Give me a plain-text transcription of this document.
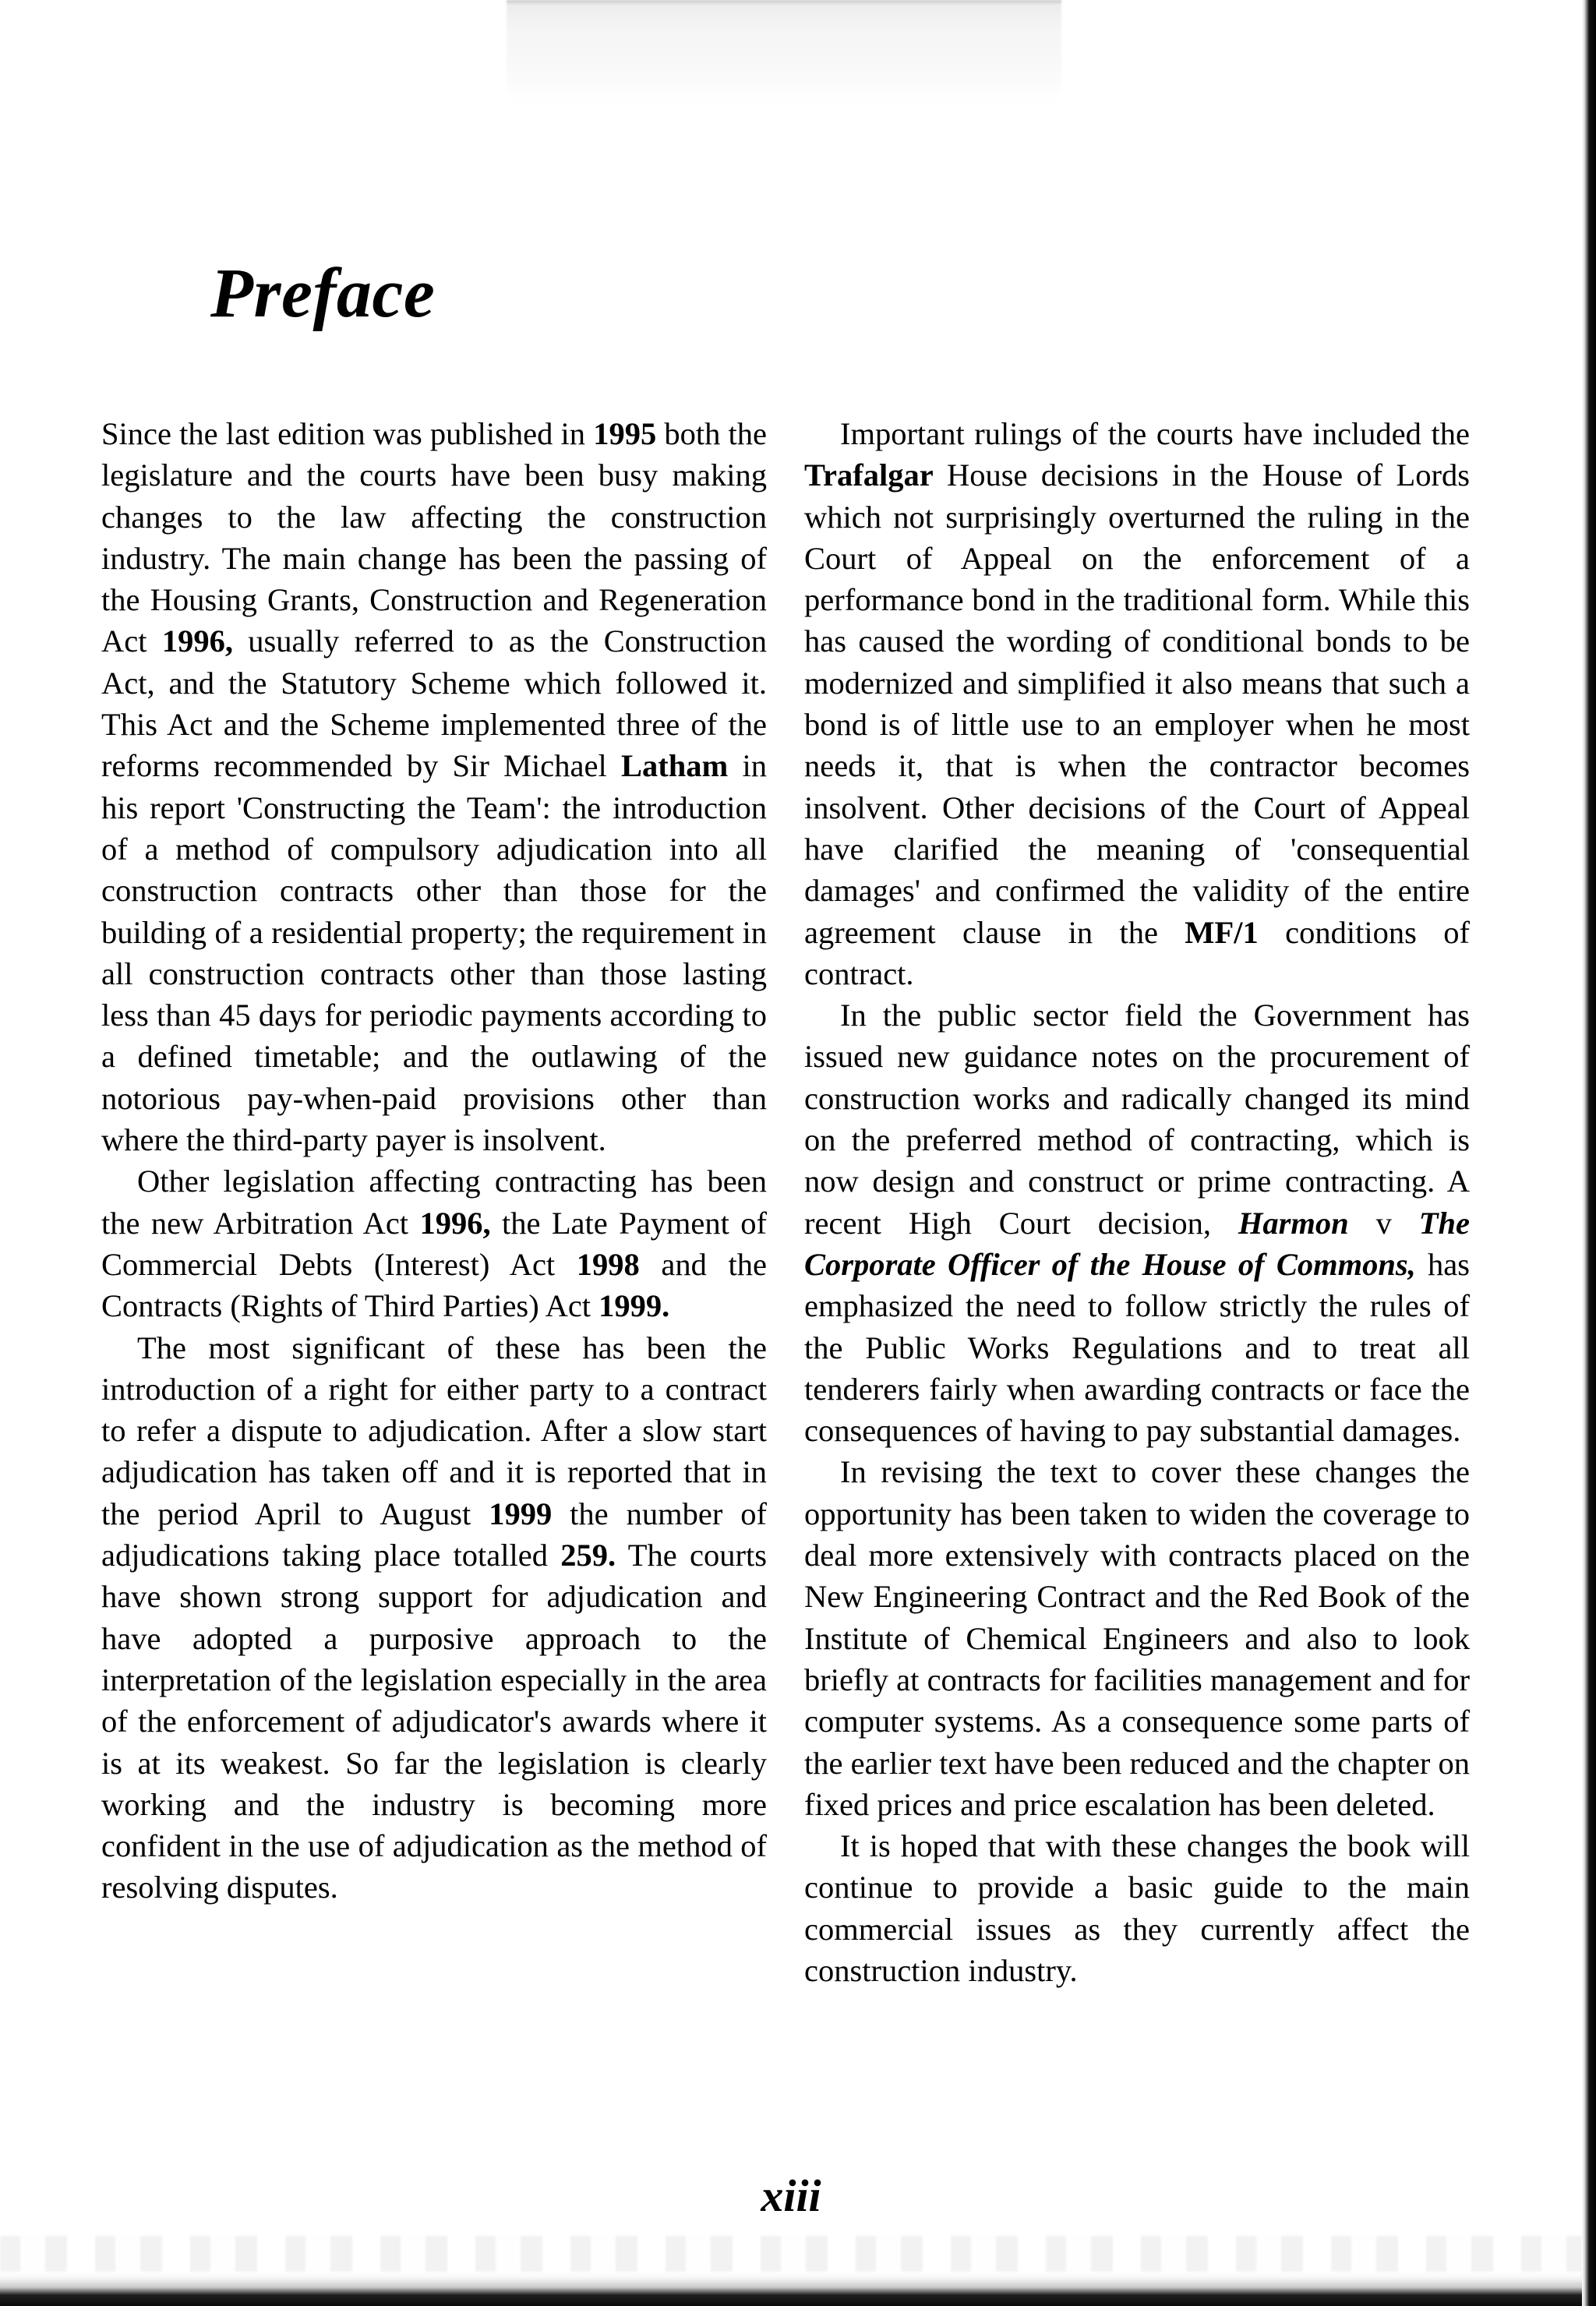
Preface

Since the last edition was published in 1995 both the legislature and the courts have been busy making changes to the law affecting the construction industry. The main change has been the passing of the Housing Grants, Construction and Regeneration Act 1996, usually referred to as the Construction Act, and the Statutory Scheme which followed it. This Act and the Scheme implemented three of the reforms recommended by Sir Michael Latham in his report 'Constructing the Team': the introduction of a method of compulsory adjudication into all construction contracts other than those for the building of a residential property; the requirement in all construction contracts other than those lasting less than 45 days for periodic payments according to a defined timetable; and the outlawing of the notorious pay-when-paid provisions other than where the third-party payer is insolvent.

Other legislation affecting contracting has been the new Arbitration Act 1996, the Late Payment of Commercial Debts (Interest) Act 1998 and the Contracts (Rights of Third Parties) Act 1999.

The most significant of these has been the introduction of a right for either party to a contract to refer a dispute to adjudication. After a slow start adjudication has taken off and it is reported that in the period April to August 1999 the number of adjudications taking place totalled 259. The courts have shown strong support for adjudication and have adopted a purposive approach to the interpretation of the legislation especially in the area of the enforcement of adjudicator's awards where it is at its weakest. So far the legislation is clearly working and the industry is becoming more confident in the use of adjudication as the method of resolving disputes.

Important rulings of the courts have included the Trafalgar House decisions in the House of Lords which not surprisingly overturned the ruling in the Court of Appeal on the enforcement of a performance bond in the traditional form. While this has caused the wording of conditional bonds to be modernized and simplified it also means that such a bond is of little use to an employer when he most needs it, that is when the contractor becomes insolvent. Other decisions of the Court of Appeal have clarified the meaning of 'consequential damages' and confirmed the validity of the entire agreement clause in the MF/1 conditions of contract.

In the public sector field the Government has issued new guidance notes on the procurement of construction works and radically changed its mind on the preferred method of contracting, which is now design and construct or prime contracting. A recent High Court decision, Harmon v The Corporate Officer of the House of Commons, has emphasized the need to follow strictly the rules of the Public Works Regulations and to treat all tenderers fairly when awarding contracts or face the consequences of having to pay substantial damages.

In revising the text to cover these changes the opportunity has been taken to widen the coverage to deal more extensively with contracts placed on the New Engineering Contract and the Red Book of the Institute of Chemical Engineers and also to look briefly at contracts for facilities management and for computer systems. As a consequence some parts of the earlier text have been reduced and the chapter on fixed prices and price escalation has been deleted.

It is hoped that with these changes the book will continue to provide a basic guide to the main commercial issues as they currently affect the construction industry.

xiii
